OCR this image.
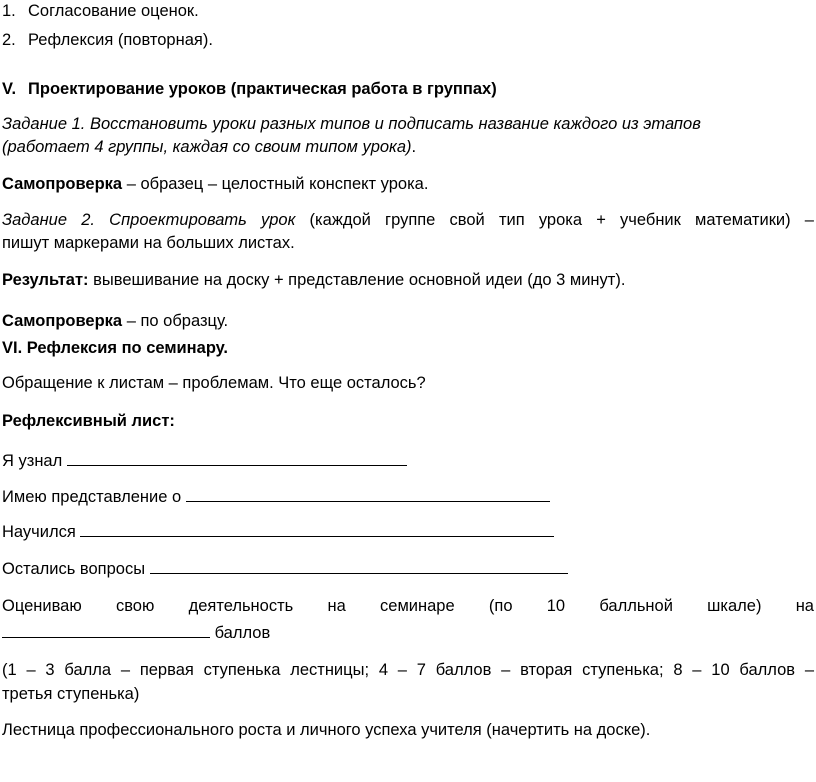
1. Согласование оценок.
2. Рефлексия (повторная).
V. Проектирование уроков (практическая работа в группах)
Задание 1. Восстановить уроки разных типов и подписать название каждого из этапов
(работает 4 группы, каждая со своим типом урока).
Самопроверка – образец – целостный конспект урока.
Задание 2. Спроектировать урок (каждой группе свой тип урока + учебник математики) –
пишут маркерами на больших листах.
Результат: вывешивание на доску + представление основной идеи (до 3 минут).
Самопроверка – по образцу.
VI. Рефлексия по семинару.
Обращение к листам – проблемам. Что еще осталось?
Рефлексивный лист:
Я узнал
Имею представление о
Научился
Остались вопросы
Оцениваю свою деятельность на семинаре (по 10 балльной шкале) на
баллов
(1 – 3 балла – первая ступенька лестницы; 4 – 7 баллов – вторая ступенька; 8 – 10 баллов –
третья ступенька)
Лестница профессионального роста и личного успеха учителя (начертить на доске).
